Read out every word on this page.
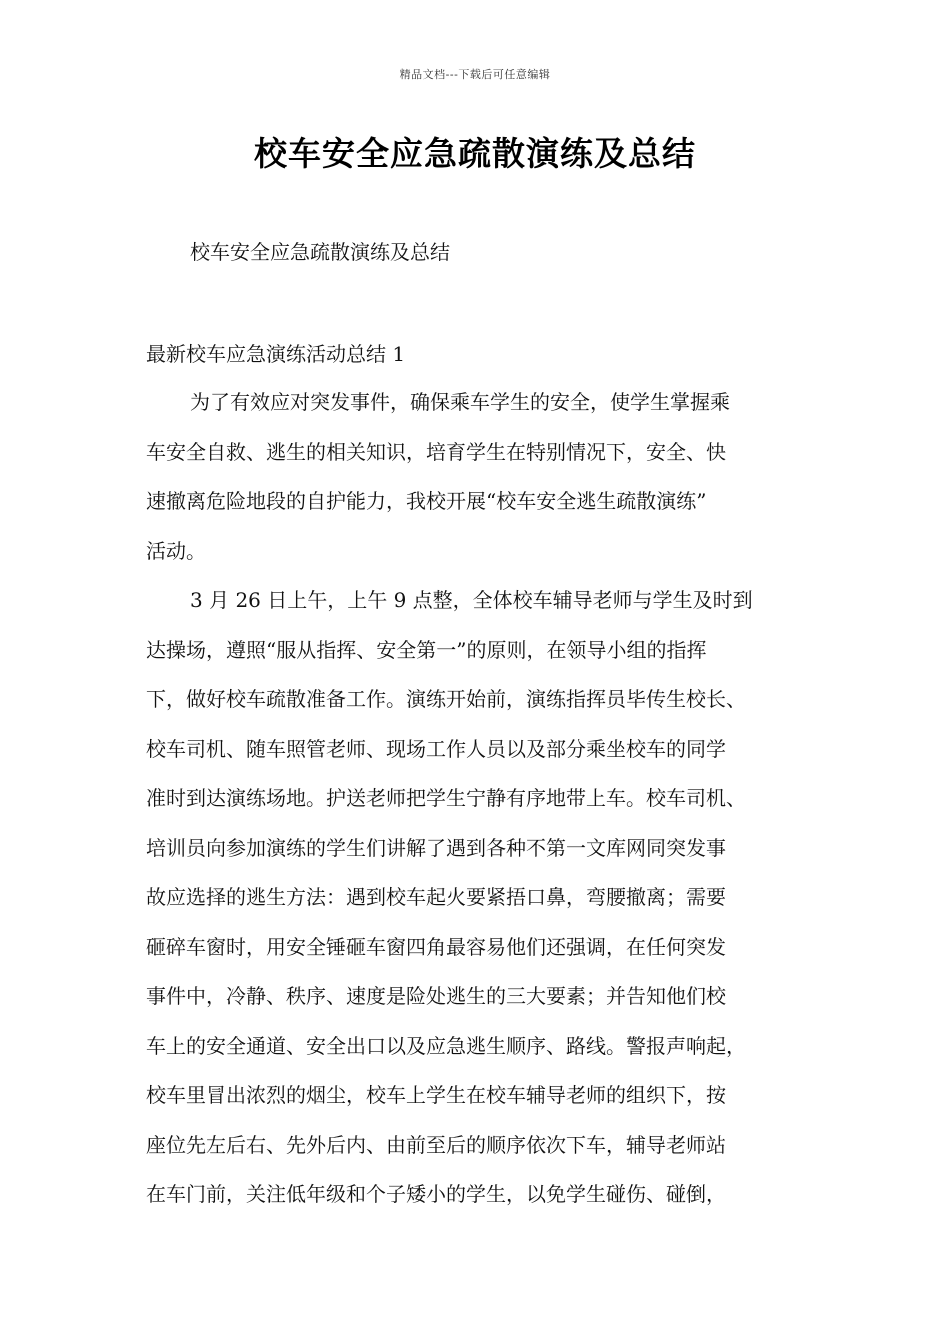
精品文档---下载后可任意编辑
校车安全应急疏散演练及总结
校车安全应急疏散演练及总结
最新校车应急演练活动总结 1
为了有效应对突发事件，确保乘车学生的安全，使学生掌握乘
车安全自救、逃生的相关知识，培育学生在特别情况下，安全、快
速撤离危险地段的自护能力，我校开展“校车安全逃生疏散演练”
活动。
3 月 26 日上午，上午 9 点整，全体校车辅导老师与学生及时到
达操场，遵照“服从指挥、安全第一”的原则，在领导小组的指挥
下，做好校车疏散准备工作。演练开始前，演练指挥员毕传生校长、
校车司机、随车照管老师、现场工作人员以及部分乘坐校车的同学
准时到达演练场地。护送老师把学生宁静有序地带上车。校车司机、
培训员向参加演练的学生们讲解了遇到各种不第一文库网同突发事
故应选择的逃生方法：遇到校车起火要紧捂口鼻，弯腰撤离；需要
砸碎车窗时，用安全锤砸车窗四角最容易他们还强调，在任何突发
事件中，冷静、秩序、速度是险处逃生的三大要素；并告知他们校
车上的安全通道、安全出口以及应急逃生顺序、路线。警报声响起，
校车里冒出浓烈的烟尘，校车上学生在校车辅导老师的组织下，按
座位先左后右、先外后内、由前至后的顺序依次下车，辅导老师站
在车门前，关注低年级和个子矮小的学生，以免学生碰伤、碰倒，
